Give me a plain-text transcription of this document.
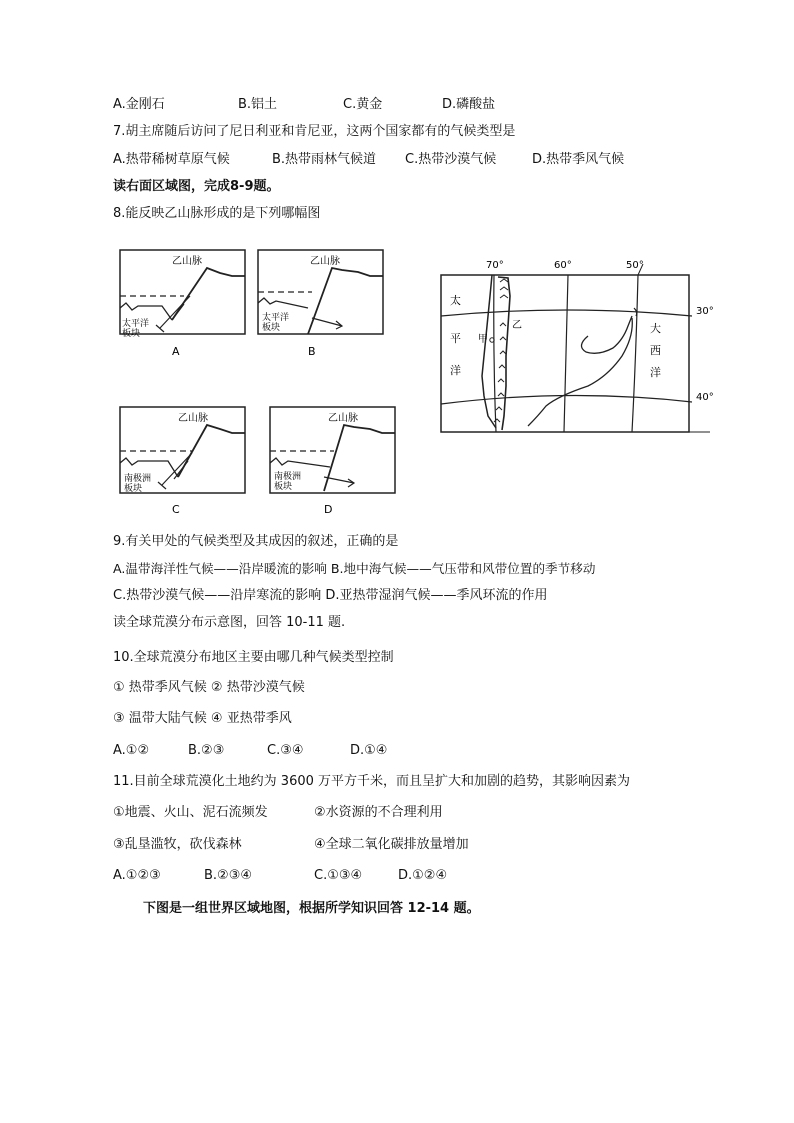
A.金刚石	B.铝土	C.黄金	D.磷酸盐
7.胡主席随后访问了尼日利亚和肯尼亚，这两个国家都有的气候类型是
A.热带稀树草原气候	B.热带雨林气候道 C.热带沙漠气候	D.热带季风气候
读右面区域图，完成8-9题。
8.能反映乙山脉形成的是下列哪幅图
乙山脉
太平洋
板块
A
乙山脉
太平洋
板块
B
乙山脉
南极洲
板块
C
乙山脉
南极洲
板块
D
70°	60°	50°
30°
40°
太
平
洋
大
西
洋
甲
乙
9.有关甲处的气候类型及其成因的叙述，正确的是
A.温带海洋性气候——沿岸暖流的影响 B.地中海气候——气压带和风带位置的季节移动
C.热带沙漠气候——沿岸寒流的影响 D.亚热带湿润气候——季风环流的作用
读全球荒漠分布示意图，回答 10-11 题.
10.全球荒漠分布地区主要由哪几种气候类型控制
① 热带季风气候 ② 热带沙漠气候
③ 温带大陆气候 ④ 亚热带季风
A.①②	B.②③	C.③④	D.①④
11.目前全球荒漠化土地约为 3600 万平方千米，而且呈扩大和加剧的趋势，其影响因素为
①地震、火山、泥石流频发	②水资源的不合理利用
③乱垦滥牧，砍伐森林	④全球二氧化碳排放量增加
A.①②③	B.②③④	C.①③④	D.①②④
下图是一组世界区域地图，根据所学知识回答 12-14 题。
